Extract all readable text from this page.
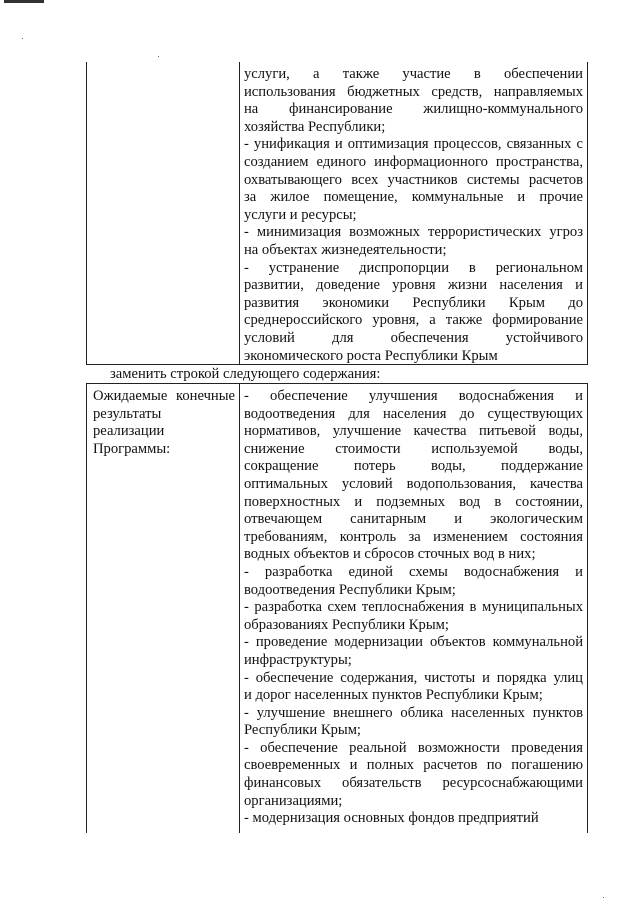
услуги, а также участие в обеспечении
использования бюджетных средств, направляемых
на финансирование жилищно-коммунального
хозяйства Республики;
- унификация и оптимизация процессов, связанных с
созданием единого информационного пространства,
охватывающего всех участников системы расчетов
за жилое помещение, коммунальные и прочие
услуги и ресурсы;
- минимизация возможных террористических угроз
на объектах жизнедеятельности;
- устранение диспропорции в региональном
развитии, доведение уровня жизни населения и
развития экономики Республики Крым до
среднероссийского уровня, а также формирование
условий для обеспечения устойчивого
экономического роста Республики Крым
заменить строкой следующего содержания:
Ожидаемые конечные
результаты
реализации
Программы:
- обеспечение улучшения водоснабжения и
водоотведения для населения до существующих
нормативов, улучшение качества питьевой воды,
снижение стоимости используемой воды,
сокращение потерь воды, поддержание
оптимальных условий водопользования, качества
поверхностных и подземных вод в состоянии,
отвечающем санитарным и экологическим
требованиям, контроль за изменением состояния
водных объектов и сбросов сточных вод в них;
- разработка единой схемы водоснабжения и
водоотведения Республики Крым;
- разработка схем теплоснабжения в муниципальных
образованиях Республики Крым;
- проведение модернизации объектов коммунальной
инфраструктуры;
- обеспечение содержания, чистоты и порядка улиц
и дорог населенных пунктов Республики Крым;
- улучшение внешнего облика населенных пунктов
Республики Крым;
- обеспечение реальной возможности проведения
своевременных и полных расчетов по погашению
финансовых обязательств ресурсоснабжающими
организациями;
- модернизация основных фондов предприятий
